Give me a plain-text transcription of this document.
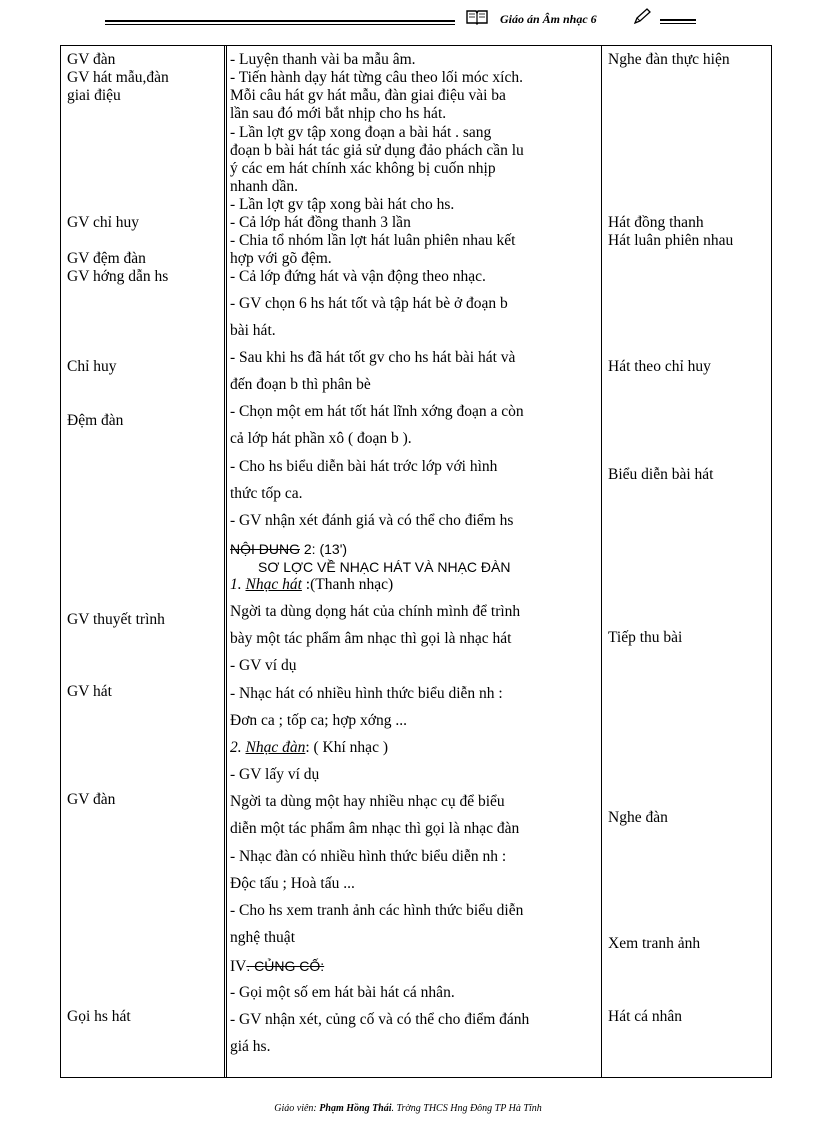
Giáo án Âm nhạc 6
GV đàn
GV hát mẫu,đàn
giai điệu
GV chỉ huy
GV đệm đàn
GV hớng dẫn hs
Chỉ huy
Đệm đàn
GV thuyết trình
GV hát
GV đàn
Gọi hs hát
- Luyện thanh vài ba mẫu âm.
- Tiến hành dạy hát từng câu theo lối móc xích.
Mỗi câu hát gv hát mẫu, đàn giai điệu vài ba
lần sau đó mới bắt nhịp cho hs hát.
- Lần lợt gv tập xong đoạn a bài hát . sang
đoạn b bài hát tác giả sử dụng đảo phách cần lu
ý các em hát chính xác không bị cuốn nhịp
nhanh dần.
- Lần lợt gv tập xong bài hát cho hs.
- Cả lớp hát đồng thanh 3 lần
- Chia tổ nhóm lần lợt hát luân phiên nhau kết
hợp với gõ đệm.
- Cả lớp đứng hát và vận động theo nhạc.
- GV chọn 6 hs hát tốt và tập hát bè ở đoạn b
bài hát.
- Sau khi hs đã hát tốt gv cho hs hát bài hát và
đến đoạn b thì phân bè
- Chọn một em hát tốt hát lĩnh xớng đoạn a còn
cả lớp hát phần xô ( đoạn b ).
- Cho hs biểu diễn bài hát trớc lớp với hình
thức tốp ca.
- GV nhận xét đánh giá và có thể cho điểm hs
NỘI DUNG 2: (13')
SƠ LỢC VỀ NHẠC HÁT VÀ NHẠC ĐÀN
1. Nhạc hát :(Thanh nhạc)
Ngời ta dùng dọng hát của chính mình để trình
bày một tác phẩm âm nhạc thì gọi là nhạc hát
- GV ví dụ
- Nhạc hát có nhiều hình thức biểu diễn nh :
Đơn ca ; tốp ca; hợp xớng ...
2. Nhạc đàn: ( Khí nhạc )
- GV lấy ví dụ
Ngời ta dùng một hay nhiều nhạc cụ để biểu
diễn một tác phẩm âm nhạc thì gọi là nhạc đàn
- Nhạc đàn có nhiều hình thức biểu diễn nh :
Độc tấu ; Hoà tấu ...
- Cho hs xem tranh ảnh các hình thức biểu diễn
nghệ thuật
IV. CỦNG CỐ:
- Gọi một số em hát bài hát cá nhân.
- GV nhận xét, củng cố và có thể cho điểm đánh
giá hs.
Nghe đàn thực hiện
Hát đồng thanh
Hát luân phiên nhau
Hát theo chỉ huy
Biểu diễn bài hát
Tiếp thu bài
Nghe đàn
Xem tranh ảnh
Hát cá nhân
Giáo viên: Phạm Hồng Thái. Trờng THCS Hng Đông TP Hà Tĩnh
